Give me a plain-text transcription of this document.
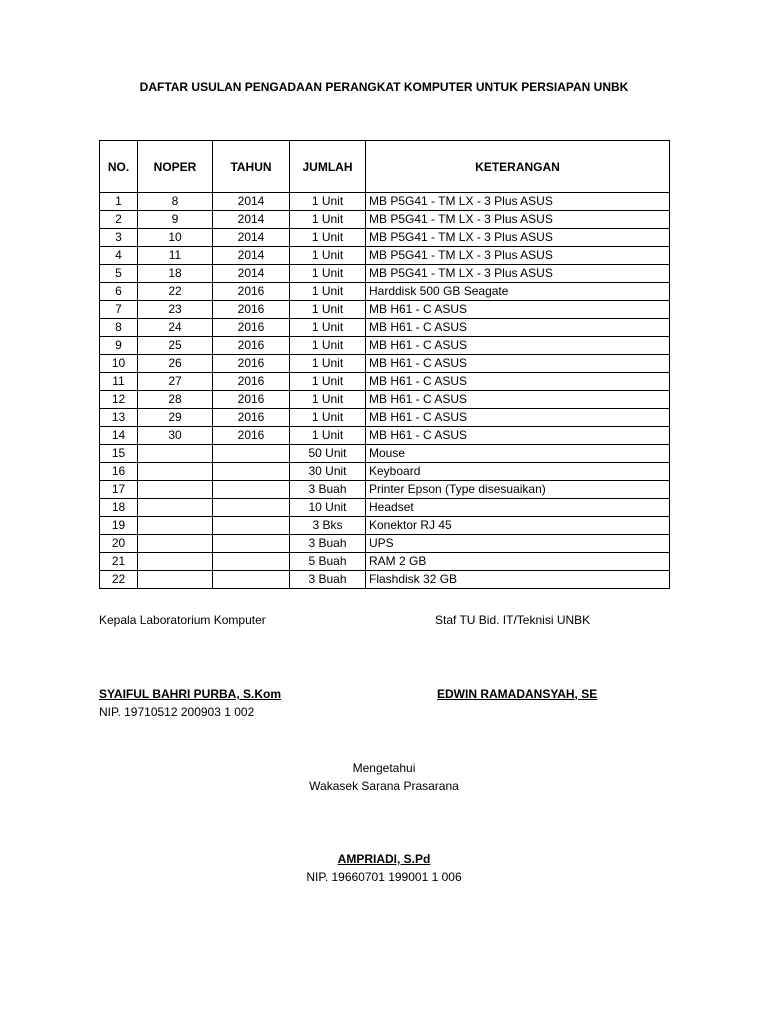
DAFTAR USULAN PENGADAAN PERANGKAT KOMPUTER UNTUK PERSIAPAN UNBK
NO.	NOPER	TAHUN	JUMLAH	KETERANGAN
1	8	2014	1 Unit	MB P5G41 - TM LX - 3 Plus ASUS
2	9	2014	1 Unit	MB P5G41 - TM LX - 3 Plus ASUS
3	10	2014	1 Unit	MB P5G41 - TM LX - 3 Plus ASUS
4	11	2014	1 Unit	MB P5G41 - TM LX - 3 Plus ASUS
5	18	2014	1 Unit	MB P5G41 - TM LX - 3 Plus ASUS
6	22	2016	1 Unit	Harddisk 500 GB Seagate
7	23	2016	1 Unit	MB H61 - C ASUS
8	24	2016	1 Unit	MB H61 - C ASUS
9	25	2016	1 Unit	MB H61 - C ASUS
10	26	2016	1 Unit	MB H61 - C ASUS
11	27	2016	1 Unit	MB H61 - C ASUS
12	28	2016	1 Unit	MB H61 - C ASUS
13	29	2016	1 Unit	MB H61 - C ASUS
14	30	2016	1 Unit	MB H61 - C ASUS
15			50 Unit	Mouse
16			30 Unit	Keyboard
17			3 Buah	Printer Epson (Type disesuaikan)
18			10 Unit	Headset
19			3 Bks	Konektor RJ 45
20			3 Buah	UPS
21			5 Buah	RAM 2 GB
22			3 Buah	Flashdisk 32 GB
Kepala Laboratorium Komputer	Staf TU Bid. IT/Teknisi UNBK
SYAIFUL BAHRI PURBA, S.Kom
NIP. 19710512 200903 1 002
EDWIN RAMADANSYAH, SE
Mengetahui
Wakasek Sarana Prasarana
AMPRIADI, S.Pd
NIP. 19660701 199001 1 006
